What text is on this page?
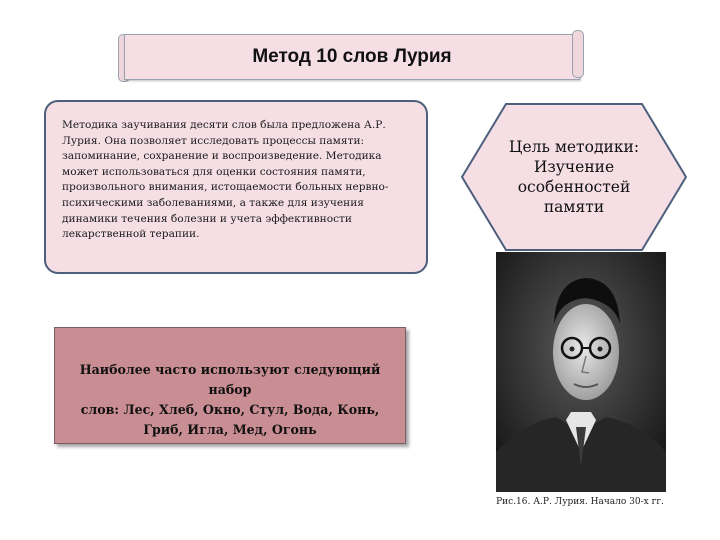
Метод 10 слов Лурия

Методика заучивания десяти слов была предложена А.Р. Лурия. Она позволяет исследовать процессы памяти: запоминание, сохранение и воспроизведение. Методика может использоваться для оценки состояния памяти, произвольного внимания, истощаемости больных нервно-психическими заболеваниями, а также для изучения динамики течения болезни и учета эффективности лекарственной терапии.

Цель методики:
Изучение
особенностей
памяти

Наиболее часто используют следующий набор
слов: Лес, Хлеб, Окно, Стул, Вода, Конь,
Гриб, Игла, Мед, Огонь

Рис.16. А.Р. Лурия. Начало 30-х гг.
